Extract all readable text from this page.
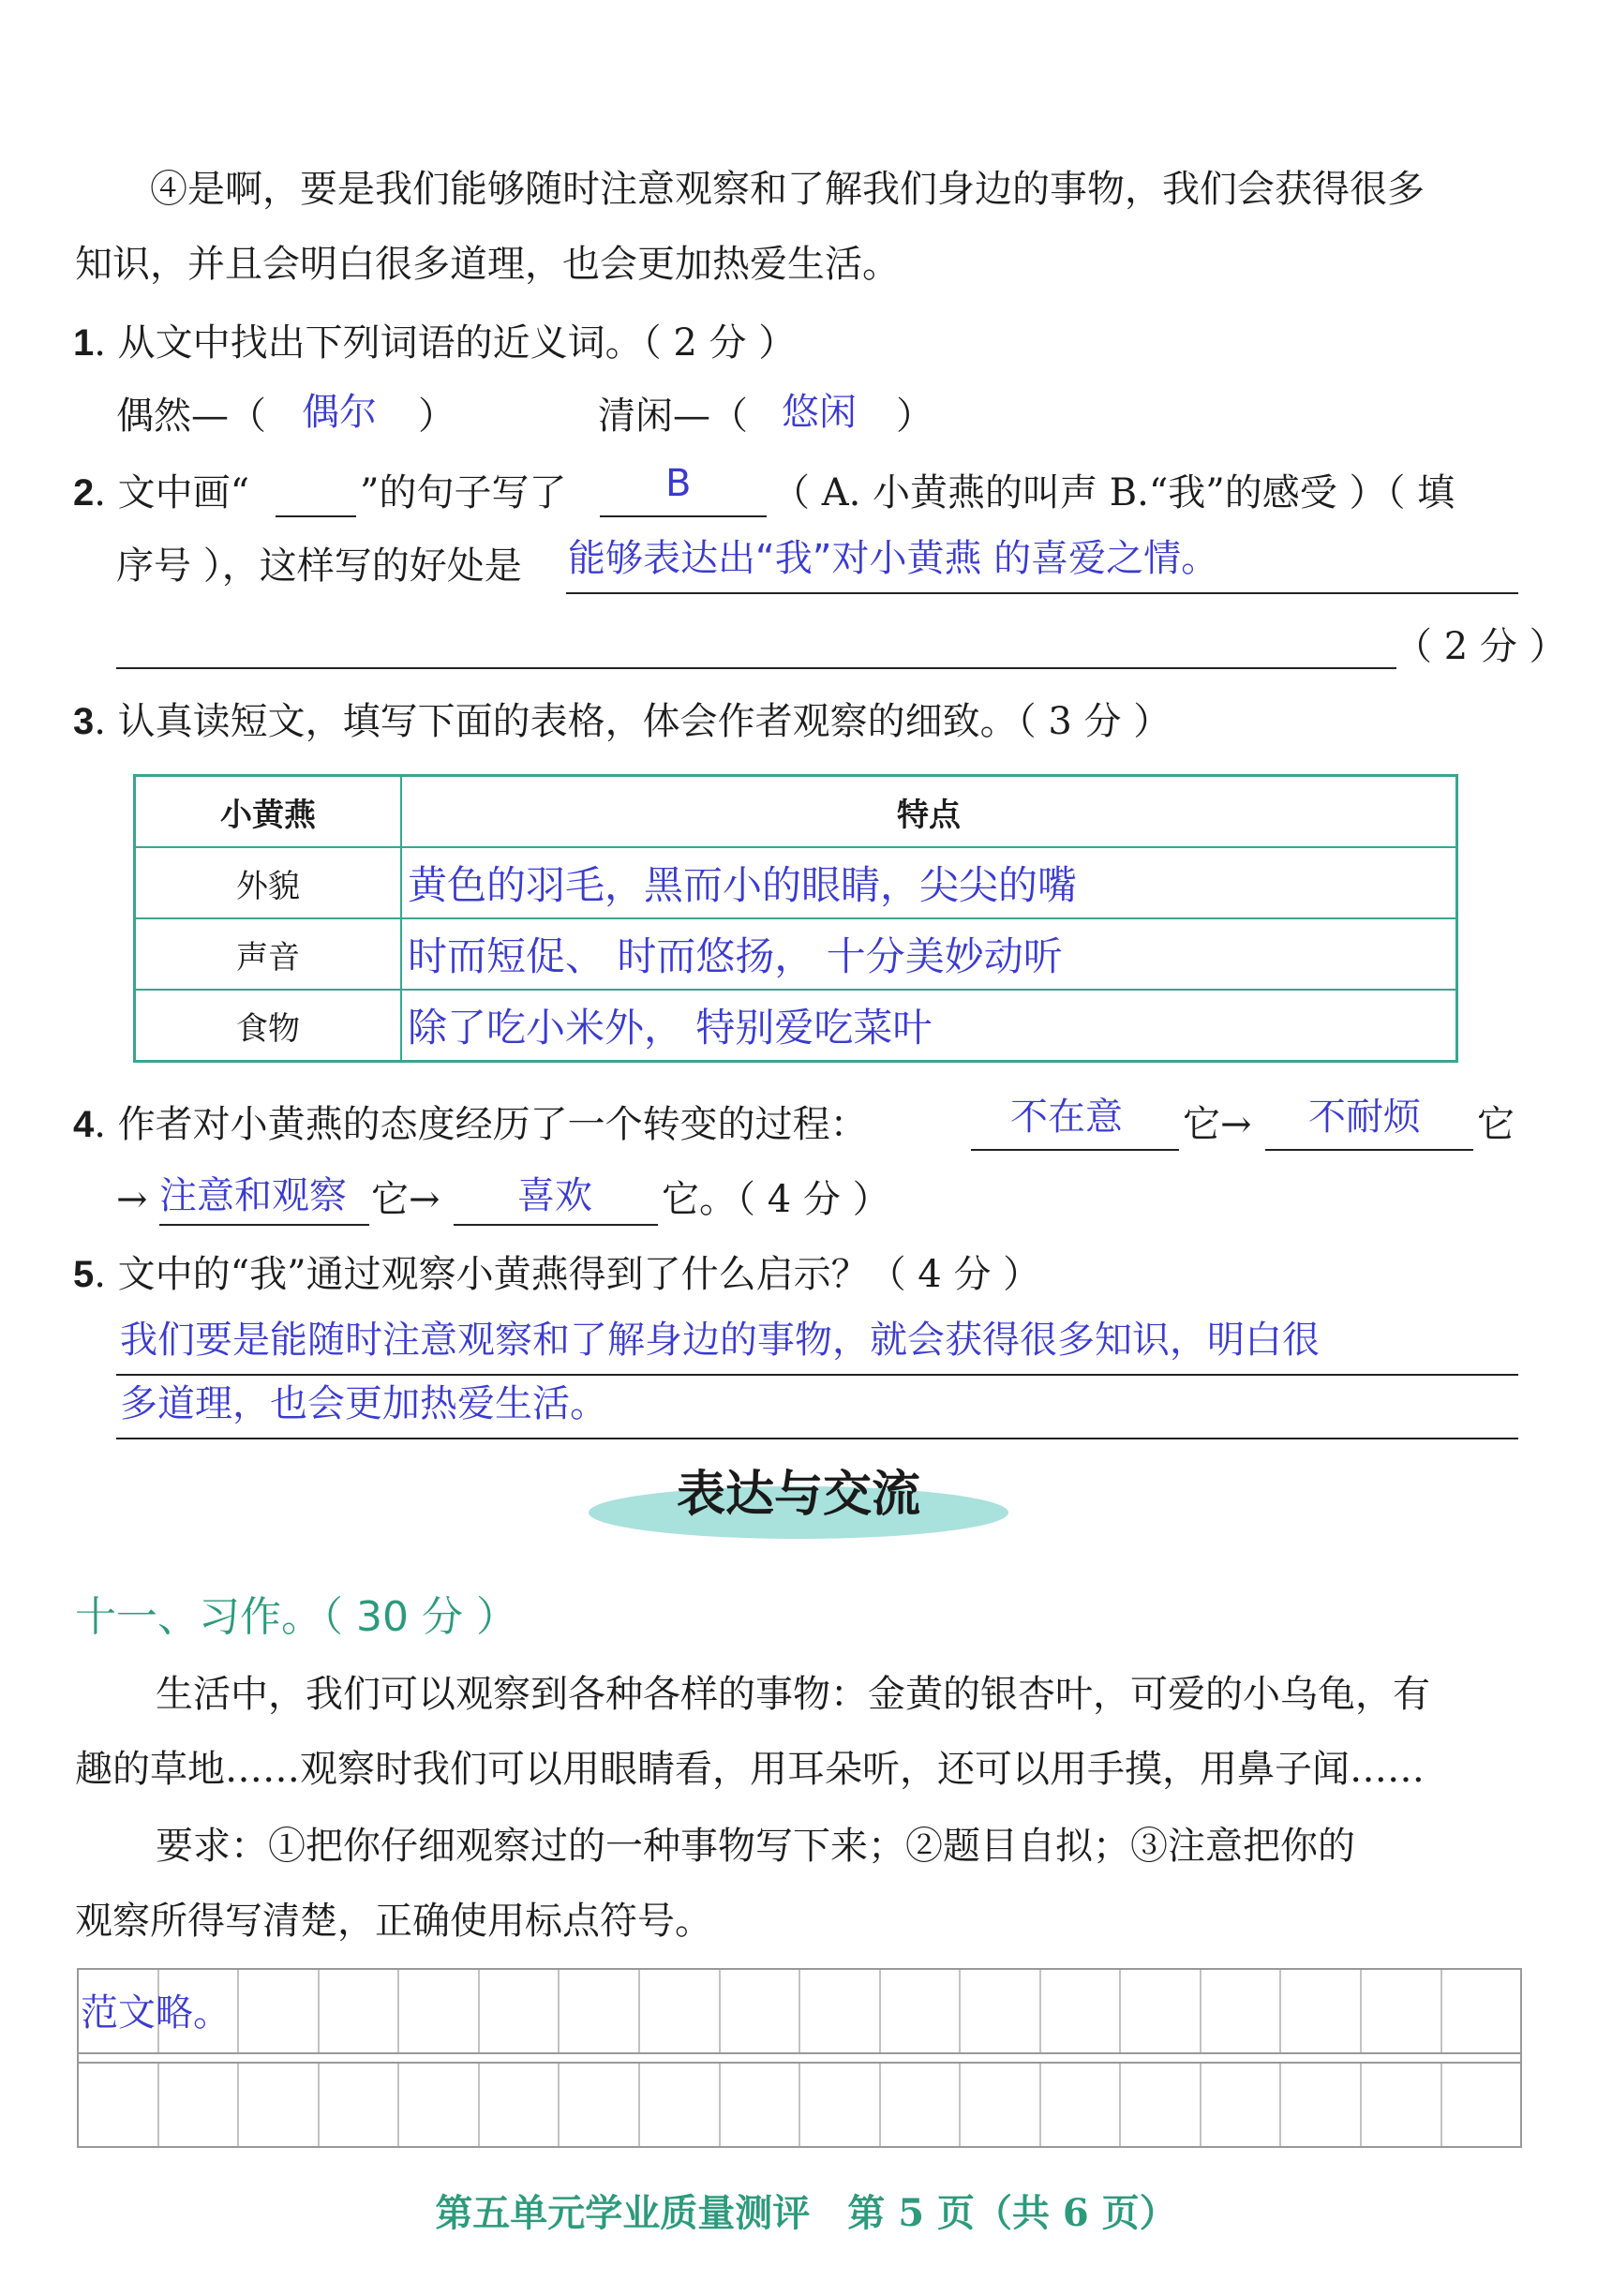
④是啊，要是我们能够随时注意观察和了解我们身边的事物，我们会获得很多
知识，并且会明白很多道理，也会更加热爱生活。
1. 从文中找出下列词语的近义词。（ 2 分 ）
偶然—（ 偶尔 ）	清闲—（ 悠闲 ）
2. 文中画“	”的句子写了	B （ A. 小黄燕的叫声 B.“我”的感受 ）（ 填
序号 ），这样写的好处是 能够表达出“我”对小黄燕 的喜爱之情。
（ 2 分 ）
3. 认真读短文，填写下面的表格，体会作者观察的细致。（ 3 分 ）
小黄燕	特点
外貌	黄色的羽毛，黑而小的眼睛，尖尖的嘴
声音	时而短促、 时而悠扬， 十分美妙动听
食物	除了吃小米外， 特别爱吃菜叶
4. 作者对小黄燕的态度经历了一个转变的过程：	不在意 它→ 不耐烦 它
→ 注意和观察 它→ 喜欢 它。（ 4 分 ）
5. 文中的“我”通过观察小黄燕得到了什么启示？（ 4 分 ）
我们要是能随时注意观察和了解身边的事物，就会获得很多知识，明白很
多道理，也会更加热爱生活。
表达与交流
十一、习作。（ 30 分 ）
生活中，我们可以观察到各种各样的事物：金黄的银杏叶，可爱的小乌龟，有
趣的草地……观察时我们可以用眼睛看，用耳朵听，还可以用手摸，用鼻子闻……
要求：①把你仔细观察过的一种事物写下来；②题目自拟；③注意把你的
观察所得写清楚，正确使用标点符号。
范文略。
第五单元学业质量测评　第 5 页（共 6 页）
